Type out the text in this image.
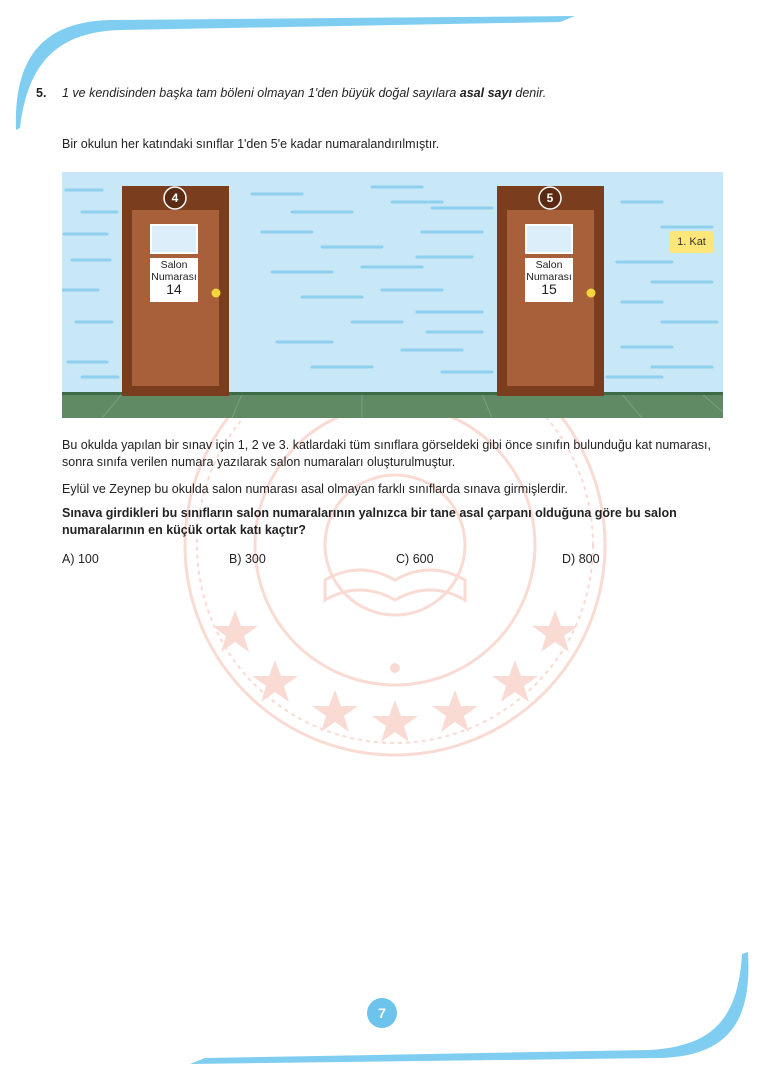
5. 1 ve kendisinden başka tam böleni olmayan 1'den büyük doğal sayılara asal sayı denir.
Bir okulun her katındaki sınıflar 1'den 5'e kadar numaralandırılmıştır.
4
Salon
Numarası
14
5
Salon
Numarası
15
1. Kat
Bu okulda yapılan bir sınav için 1, 2 ve 3. katlardaki tüm sınıflara görseldeki gibi önce sınıfın bulunduğu kat numarası, sonra sınıfa verilen numara yazılarak salon numaraları oluşturulmuştur.
Eylül ve Zeynep bu okulda salon numarası asal olmayan farklı sınıflarda sınava girmişlerdir.
Sınava girdikleri bu sınıfların salon numaralarının yalnızca bir tane asal çarpanı olduğuna göre bu salon numaralarının en küçük ortak katı kaçtır?
A) 100	B) 300	C) 600	D) 800
7
